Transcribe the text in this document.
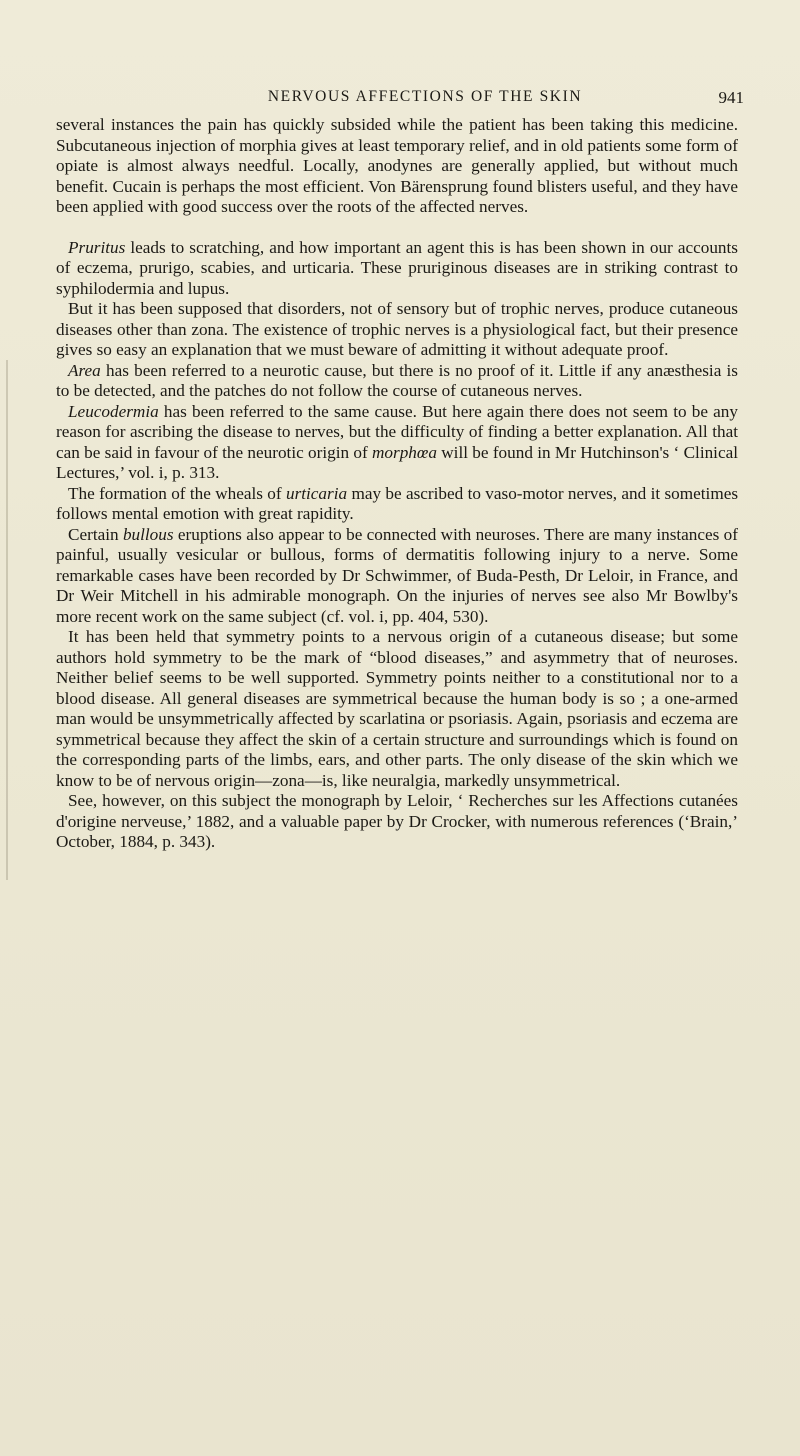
NERVOUS AFFECTIONS OF THE SKIN	941

several instances the pain has quickly subsided while the patient has been taking this medicine. Subcutaneous injection of morphia gives at least temporary relief, and in old patients some form of opiate is almost always needful. Locally, anodynes are generally applied, but without much benefit. Cucain is perhaps the most efficient. Von Bärensprung found blisters useful, and they have been applied with good success over the roots of the affected nerves.

Pruritus leads to scratching, and how important an agent this is has been shown in our accounts of eczema, prurigo, scabies, and urticaria. These pruriginous diseases are in striking contrast to syphilodermia and lupus.

But it has been supposed that disorders, not of sensory but of trophic nerves, produce cutaneous diseases other than zona. The existence of trophic nerves is a physiological fact, but their presence gives so easy an explanation that we must beware of admitting it without adequate proof.

Area has been referred to a neurotic cause, but there is no proof of it. Little if any anæsthesia is to be detected, and the patches do not follow the course of cutaneous nerves.

Leucodermia has been referred to the same cause. But here again there does not seem to be any reason for ascribing the disease to nerves, but the difficulty of finding a better explanation. All that can be said in favour of the neurotic origin of morphœa will be found in Mr Hutchinson's ‘ Clinical Lectures,’ vol. i, p. 313.

The formation of the wheals of urticaria may be ascribed to vaso-motor nerves, and it sometimes follows mental emotion with great rapidity.

Certain bullous eruptions also appear to be connected with neuroses. There are many instances of painful, usually vesicular or bullous, forms of dermatitis following injury to a nerve. Some remarkable cases have been recorded by Dr Schwimmer, of Buda-Pesth, Dr Leloir, in France, and Dr Weir Mitchell in his admirable monograph. On the injuries of nerves see also Mr Bowlby's more recent work on the same subject (cf. vol. i, pp. 404, 530).

It has been held that symmetry points to a nervous origin of a cutaneous disease; but some authors hold symmetry to be the mark of “blood diseases,” and asymmetry that of neuroses. Neither belief seems to be well supported. Symmetry points neither to a constitutional nor to a blood disease. All general diseases are symmetrical because the human body is so ; a one-armed man would be unsymmetrically affected by scarlatina or psoriasis. Again, psoriasis and eczema are symmetrical because they affect the skin of a certain structure and surroundings which is found on the corresponding parts of the limbs, ears, and other parts. The only disease of the skin which we know to be of nervous origin—zona—is, like neuralgia, markedly unsymmetrical.

See, however, on this subject the monograph by Leloir, ‘ Recherches sur les Affections cutanées d'origine nerveuse,’ 1882, and a valuable paper by Dr Crocker, with numerous references (‘Brain,’ October, 1884, p. 343).
